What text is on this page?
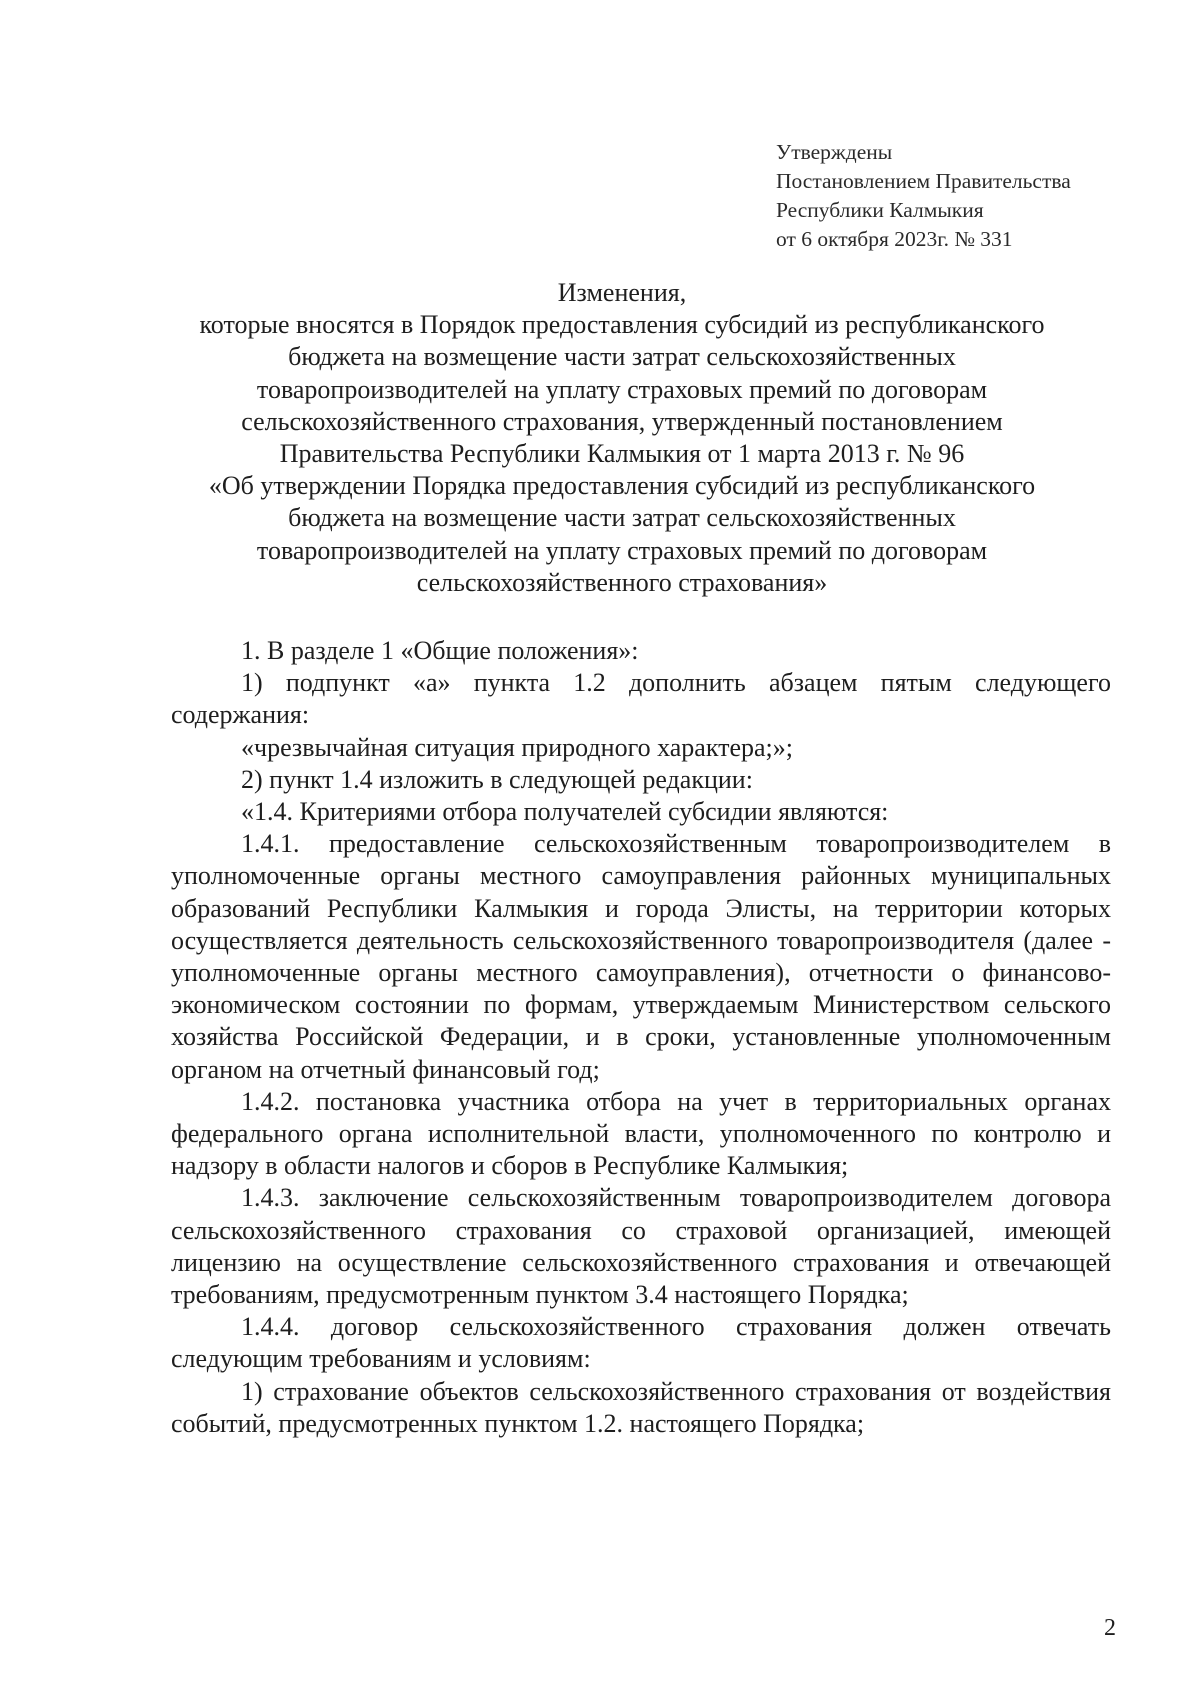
Утверждены
Постановлением Правительства
Республики Калмыкия
от 6 октября 2023г. № 331
Изменения,
которые вносятся в Порядок предоставления субсидий из республиканского
бюджета на возмещение части затрат сельскохозяйственных
товаропроизводителей на уплату страховых премий по договорам
сельскохозяйственного страхования, утвержденный постановлением
Правительства Республики Калмыкия от 1 марта 2013 г. № 96
«Об утверждении Порядка предоставления субсидий из республиканского
бюджета на возмещение части затрат сельскохозяйственных
товаропроизводителей на уплату страховых премий по договорам
сельскохозяйственного страхования»

1. В разделе 1 «Общие положения»:

1) подпункт «а» пункта 1.2 дополнить абзацем пятым следующего содержания:

«чрезвычайная ситуация природного характера;»;

2) пункт 1.4 изложить в следующей редакции:

«1.4. Критериями отбора получателей субсидии являются:

1.4.1. предоставление сельскохозяйственным товаропроизводителем в уполномоченные органы местного самоуправления районных муниципальных образований Республики Калмыкия и города Элисты, на территории которых осуществляется деятельность сельскохозяйственного товаропроизводителя (далее - уполномоченные органы местного самоуправления), отчетности о финансово-экономическом состоянии по формам, утверждаемым Министерством сельского хозяйства Российской Федерации, и в сроки, установленные уполномоченным органом на отчетный финансовый год;

1.4.2. постановка участника отбора на учет в территориальных органах федерального органа исполнительной власти, уполномоченного по контролю и надзору в области налогов и сборов в Республике Калмыкия;

1.4.3. заключение сельскохозяйственным товаропроизводителем договора сельскохозяйственного страхования со страховой организацией, имеющей лицензию на осуществление сельскохозяйственного страхования и отвечающей требованиям, предусмотренным пунктом 3.4 настоящего Порядка;

1.4.4. договор сельскохозяйственного страхования должен отвечать следующим требованиям и условиям:

1) страхование объектов сельскохозяйственного страхования от воздействия событий, предусмотренных пунктом 1.2. настоящего Порядка;

2
